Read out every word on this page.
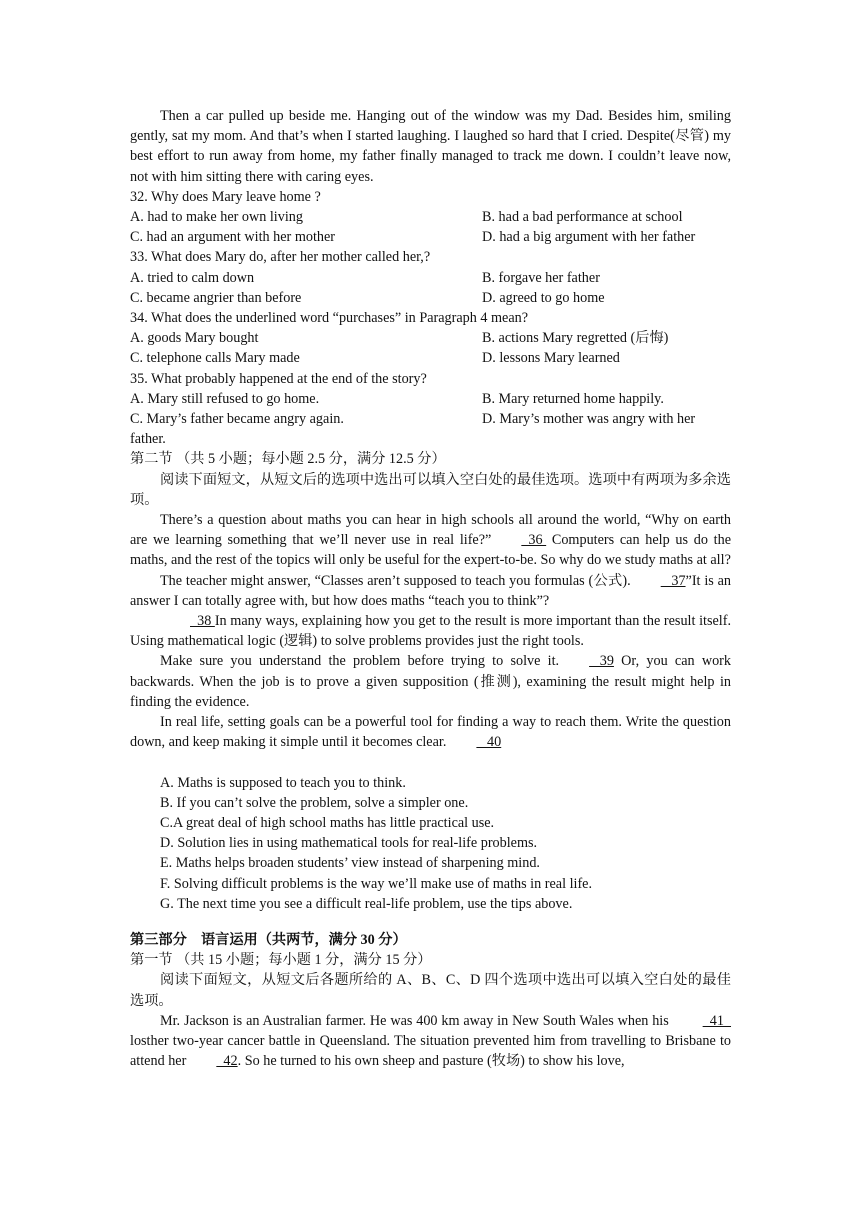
Then a car pulled up beside me. Hanging out of the window was my Dad. Besides him, smiling gently, sat my mom. And that’s when I started laughing. I laughed so hard that I cried. Despite(尽管) my best effort to run away from home, my father finally managed to track me down. I couldn’t leave now, not with him sitting there with caring eyes.

32. Why does Mary leave home ?

A. had to make her own living	B. had a bad performance at school
C. had an argument with her mother	D. had a big argument with her father

33. What does Mary do, after her mother called her,?

A. tried to calm down	B. forgave her father
C. became angrier than before	D. agreed to go home

34. What does the underlined word “purchases” in Paragraph 4 mean?

A. goods Mary bought	B. actions Mary regretted (后悔)
C. telephone calls Mary made	D. lessons Mary learned

35. What probably happened at the end of the story?

A. Mary still refused to go home.	B. Mary returned home happily.
C. Mary’s father became angry again.	D. Mary’s mother was angry with her

father.

第二节 （共 5 小题；每小题 2.5 分，满分 12.5 分）

阅读下面短文，从短文后的选项中选出可以填入空白处的最佳选项。选项中有两项为多余选项。

There’s a question about maths you can hear in high schools all around the world, “Why on earth are we learning something that we’ll never use in real life?”  36  Computers can help us do the maths, and the rest of the topics will only be useful for the expert-to-be. So why do we study maths at all?

The teacher might answer, “Classes aren’t supposed to teach you formulas (公式).   37”It is an answer I can totally agree with, but how does maths “teach you to think”?

38 In many ways, explaining how you get to the result is more important than the result itself. Using mathematical logic (逻辑) to solve problems provides just the right tools.

Make sure you understand the problem before trying to solve it.   39 Or, you can work backwards. When the job is to prove a given supposition (推测), examining the result might help in finding the evidence.

In real life, setting goals can be a powerful tool for finding a way to reach them. Write the question down, and keep making it simple until it becomes clear.   40

A. Maths is supposed to teach you to think.

B. If you can’t solve the problem, solve a simpler one.

C.A great deal of high school maths has little practical use.

D. Solution lies in using mathematical tools for real-life problems.

E. Maths helps broaden students’ view instead of sharpening mind.

F. Solving difficult problems is the way we’ll make use of maths in real life.

G. The next time you see a difficult real-life problem, use the tips above.

第三部分　语言运用（共两节，满分 30 分）

第一节 （共 15 小题；每小题 1 分，满分 15 分）

阅读下面短文，从短文后各题所给的 A、B、C、D 四个选项中选出可以填入空白处的最佳选项。

Mr. Jackson is an Australian farmer. He was 400 km away in New South Wales when his   41   losther two-year cancer battle in Queensland. The situation prevented him from travelling to Brisbane to attend her  42. So he turned to his own sheep and pasture (牧场) to show his love,
